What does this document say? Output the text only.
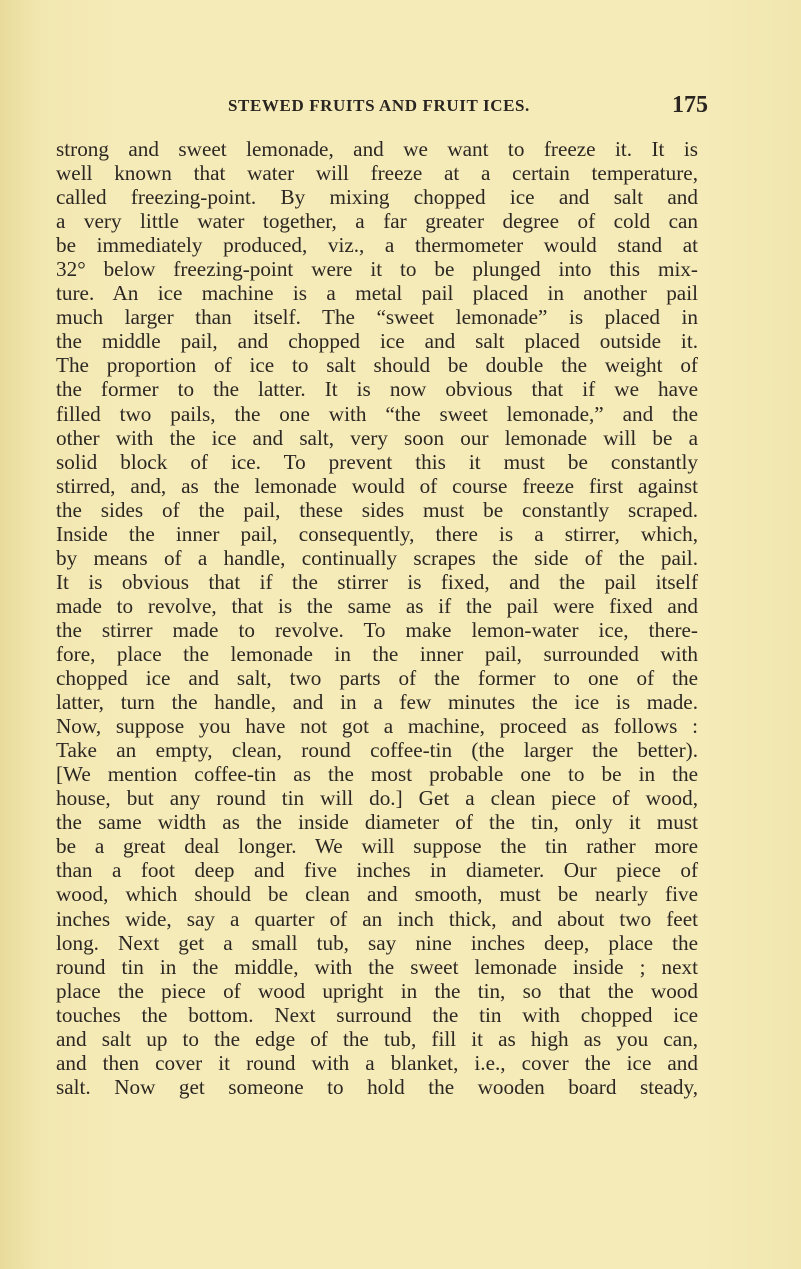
STEWED FRUITS AND FRUIT ICES.	175
strong and sweet lemonade, and we want to freeze it. It is
well known that water will freeze at a certain temperature,
called freezing-point. By mixing chopped ice and salt and
a very little water together, a far greater degree of cold can
be immediately produced, viz., a thermometer would stand at
32° below freezing-point were it to be plunged into this mix-
ture. An ice machine is a metal pail placed in another pail
much larger than itself. The “sweet lemonade” is placed in
the middle pail, and chopped ice and salt placed outside it.
The proportion of ice to salt should be double the weight of
the former to the latter. It is now obvious that if we have
filled two pails, the one with “the sweet lemonade,” and the
other with the ice and salt, very soon our lemonade will be a
solid block of ice. To prevent this it must be constantly
stirred, and, as the lemonade would of course freeze first against
the sides of the pail, these sides must be constantly scraped.
Inside the inner pail, consequently, there is a stirrer, which,
by means of a handle, continually scrapes the side of the pail.
It is obvious that if the stirrer is fixed, and the pail itself
made to revolve, that is the same as if the pail were fixed and
the stirrer made to revolve. To make lemon-water ice, there-
fore, place the lemonade in the inner pail, surrounded with
chopped ice and salt, two parts of the former to one of the
latter, turn the handle, and in a few minutes the ice is made.
Now, suppose you have not got a machine, proceed as follows :
Take an empty, clean, round coffee-tin (the larger the better).
[We mention coffee-tin as the most probable one to be in the
house, but any round tin will do.] Get a clean piece of wood,
the same width as the inside diameter of the tin, only it must
be a great deal longer. We will suppose the tin rather more
than a foot deep and five inches in diameter. Our piece of
wood, which should be clean and smooth, must be nearly five
inches wide, say a quarter of an inch thick, and about two feet
long. Next get a small tub, say nine inches deep, place the
round tin in the middle, with the sweet lemonade inside ; next
place the piece of wood upright in the tin, so that the wood
touches the bottom. Next surround the tin with chopped ice
and salt up to the edge of the tub, fill it as high as you can,
and then cover it round with a blanket, i.e., cover the ice and
salt. Now get someone to hold the wooden board steady,
